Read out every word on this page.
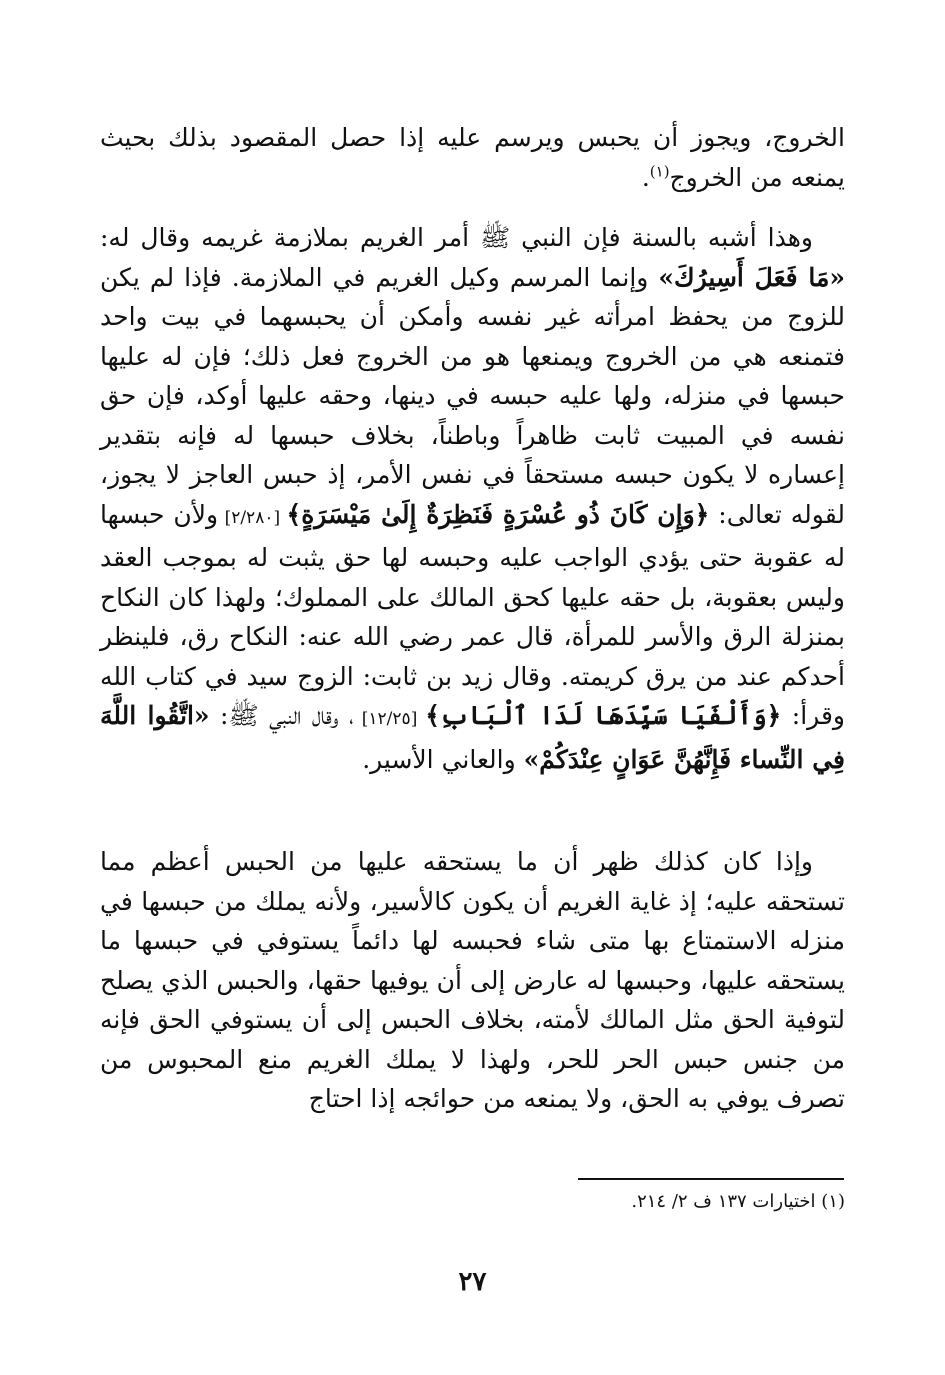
الخروج، ويجوز أن يحبس ويرسم عليه إذا حصل المقصود بذلك بحيث يمنعه من الخروج$^{(١)}$.

وهذا أشبه بالسنة فإن النبي ﷺ أمر الغريم بملازمة غريمه وقال له: «مَا فَعَلَ أَسِيرُكَ» وإنما المرسم وكيل الغريم في الملازمة. فإذا لم يكن للزوج من يحفظ امرأته غير نفسه وأمكن أن يحبسهما في بيت واحد فتمنعه هي من الخروج ويمنعها هو من الخروج فعل ذلك؛ فإن له عليها حبسها في منزله، ولها عليه حبسه في دينها، وحقه عليها أوكد، فإن حق نفسه في المبيت ثابت ظاهراً وباطناً، بخلاف حبسها له فإنه بتقدير إعساره لا يكون حبسه مستحقاً في نفس الأمر، إذ حبس العاجز لا يجوز، لقوله تعالى: ﴿وَإِن كَانَ ذُو عُسْرَةٍ فَنَظِرَةٌ إِلَىٰ مَيْسَرَةٍ﴾ [٢/٢٨٠] ولأن حبسها له عقوبة حتى يؤدي الواجب عليه وحبسه لها حق يثبت له بموجب العقد وليس بعقوبة، بل حقه عليها كحق المالك على المملوك؛ ولهذا كان النكاح بمنزلة الرق والأسر للمرأة، قال عمر رضي الله عنه: النكاح رق، فلينظر أحدكم عند من يرق كريمته. وقال زيد بن ثابت: الزوج سيد في كتاب الله وقرأ: ﴿وَأَلْفَيَا سَيِّدَهَا لَدَا ٱلْبَابِ﴾ [١٢/٢٥] ، وقال النبي ﷺ: «اتَّقُوا اللَّهَ فِي النِّساء فَإِنَّهُنَّ عَوَانٍ عِنْدَكُمْ» والعاني الأسير.

وإذا كان كذلك ظهر أن ما يستحقه عليها من الحبس أعظم مما تستحقه عليه؛ إذ غاية الغريم أن يكون كالأسير، ولأنه يملك من حبسها في منزله الاستمتاع بها متى شاء فحبسه لها دائماً يستوفي في حبسها ما يستحقه عليها، وحبسها له عارض إلى أن يوفيها حقها، والحبس الذي يصلح لتوفية الحق مثل المالك لأمته، بخلاف الحبس إلى أن يستوفي الحق فإنه من جنس حبس الحر للحر، ولهذا لا يملك الغريم منع المحبوس من تصرف يوفي به الحق، ولا يمنعه من حوائجه إذا احتاج

(١) اختيارات ١٣٧ ف ٢/ ٢١٤.
٢٧
